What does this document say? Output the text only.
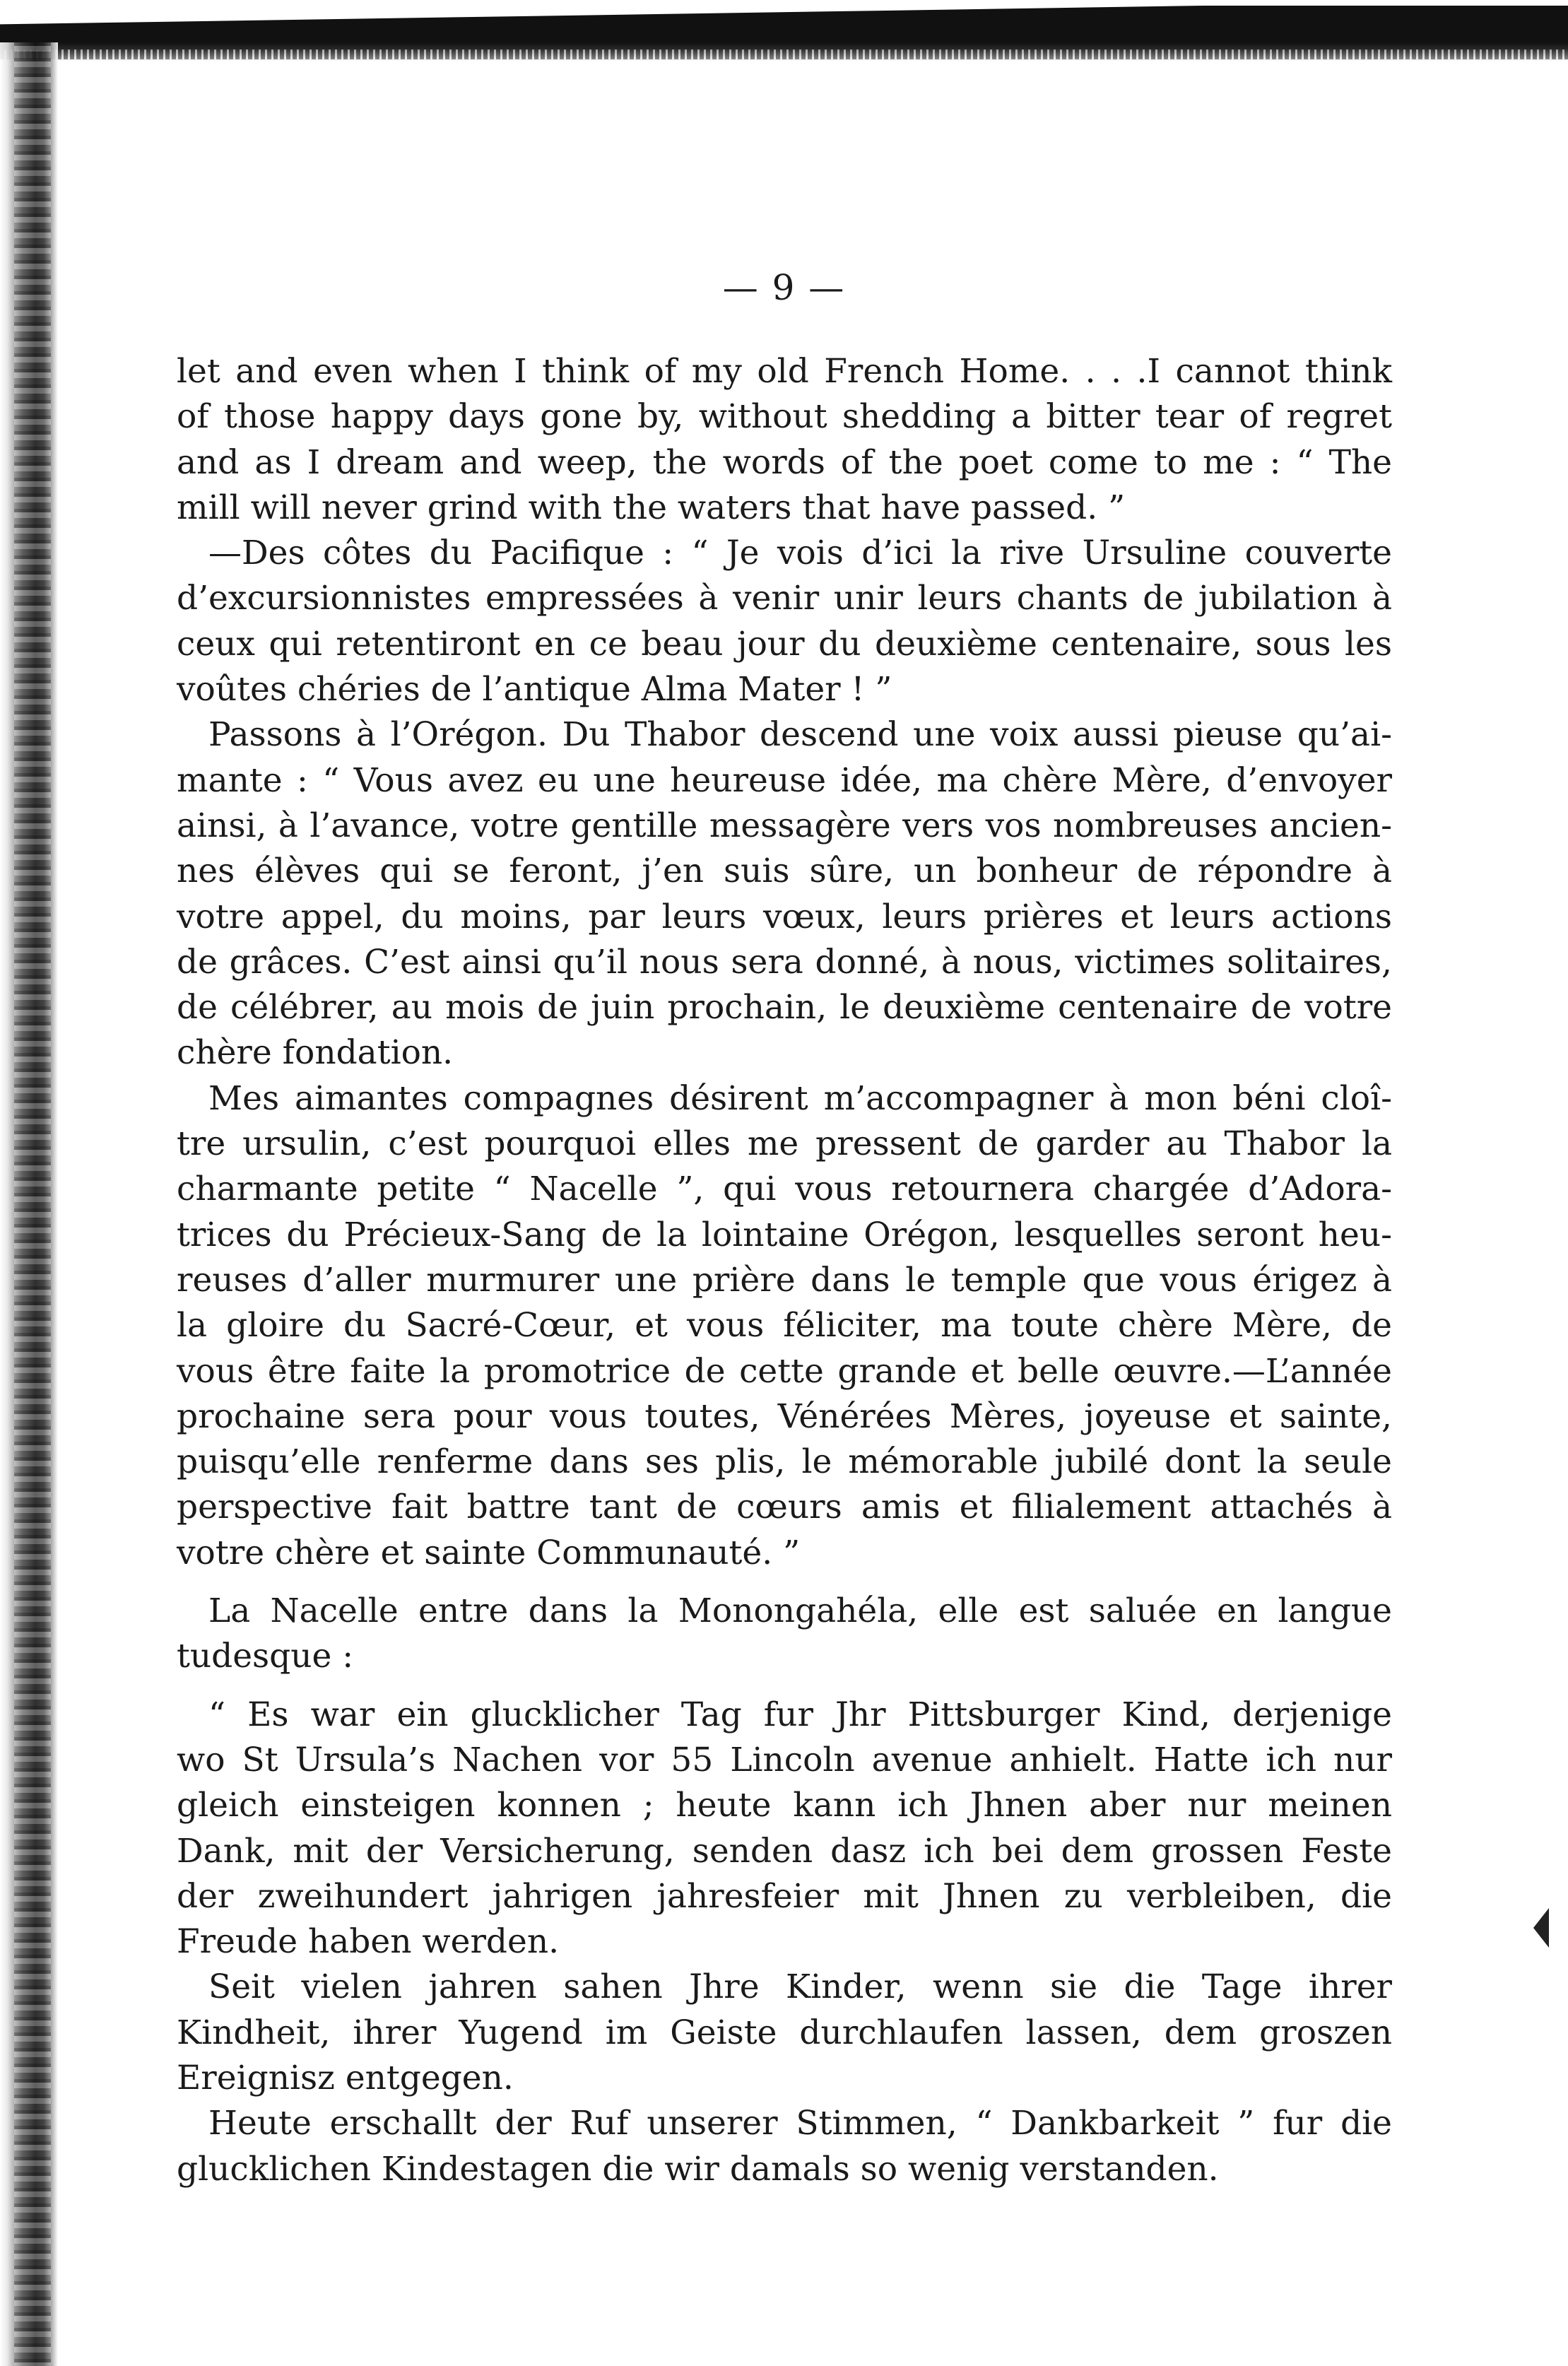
— 9 —
let and even when I think of my old French Home. . . .I cannot think
of those happy days gone by, without shedding a bitter tear of regret
and as I dream and weep, the words of the poet come to me : “ The
mill will never grind with the waters that have passed. ”
—Des côtes du Pacifique : “ Je vois d’ici la rive Ursuline couverte
d’excursionnistes empressées à venir unir leurs chants de jubilation à
ceux qui retentiront en ce beau jour du deuxième centenaire, sous les
voûtes chéries de l’antique Alma Mater ! ”
Passons à l’Orégon. Du Thabor descend une voix aussi pieuse qu’ai-
mante : “ Vous avez eu une heureuse idée, ma chère Mère, d’envoyer
ainsi, à l’avance, votre gentille messagère vers vos nombreuses ancien-
nes élèves qui se feront, j’en suis sûre, un bonheur de répondre à
votre appel, du moins, par leurs vœux, leurs prières et leurs actions
de grâces. C’est ainsi qu’il nous sera donné, à nous, victimes solitaires,
de célébrer, au mois de juin prochain, le deuxième centenaire de votre
chère fondation.
Mes aimantes compagnes désirent m’accompagner à mon béni cloî-
tre ursulin, c’est pourquoi elles me pressent de garder au Thabor la
charmante petite “ Nacelle ”, qui vous retournera chargée d’Adora-
trices du Précieux-Sang de la lointaine Orégon, lesquelles seront heu-
reuses d’aller murmurer une prière dans le temple que vous érigez à
la gloire du Sacré-Cœur, et vous féliciter, ma toute chère Mère, de
vous être faite la promotrice de cette grande et belle œuvre.—L’année
prochaine sera pour vous toutes, Vénérées Mères, joyeuse et sainte,
puisqu’elle renferme dans ses plis, le mémorable jubilé dont la seule
perspective fait battre tant de cœurs amis et filialement attachés à
votre chère et sainte Communauté. ”
La Nacelle entre dans la Monongahéla, elle est saluée en langue
tudesque :
“ Es war ein glucklicher Tag fur Jhr Pittsburger Kind, derjenige
wo St Ursula’s Nachen vor 55 Lincoln avenue anhielt. Hatte ich nur
gleich einsteigen konnen ; heute kann ich Jhnen aber nur meinen
Dank, mit der Versicherung, senden dasz ich bei dem grossen Feste
der zweihundert jahrigen jahresfeier mit Jhnen zu verbleiben, die
Freude haben werden.
Seit vielen jahren sahen Jhre Kinder, wenn sie die Tage ihrer
Kindheit, ihrer Yugend im Geiste durchlaufen lassen, dem groszen
Ereignisz entgegen.
Heute erschallt der Ruf unserer Stimmen, “ Dankbarkeit ” fur die
glucklichen Kindestagen die wir damals so wenig verstanden.
